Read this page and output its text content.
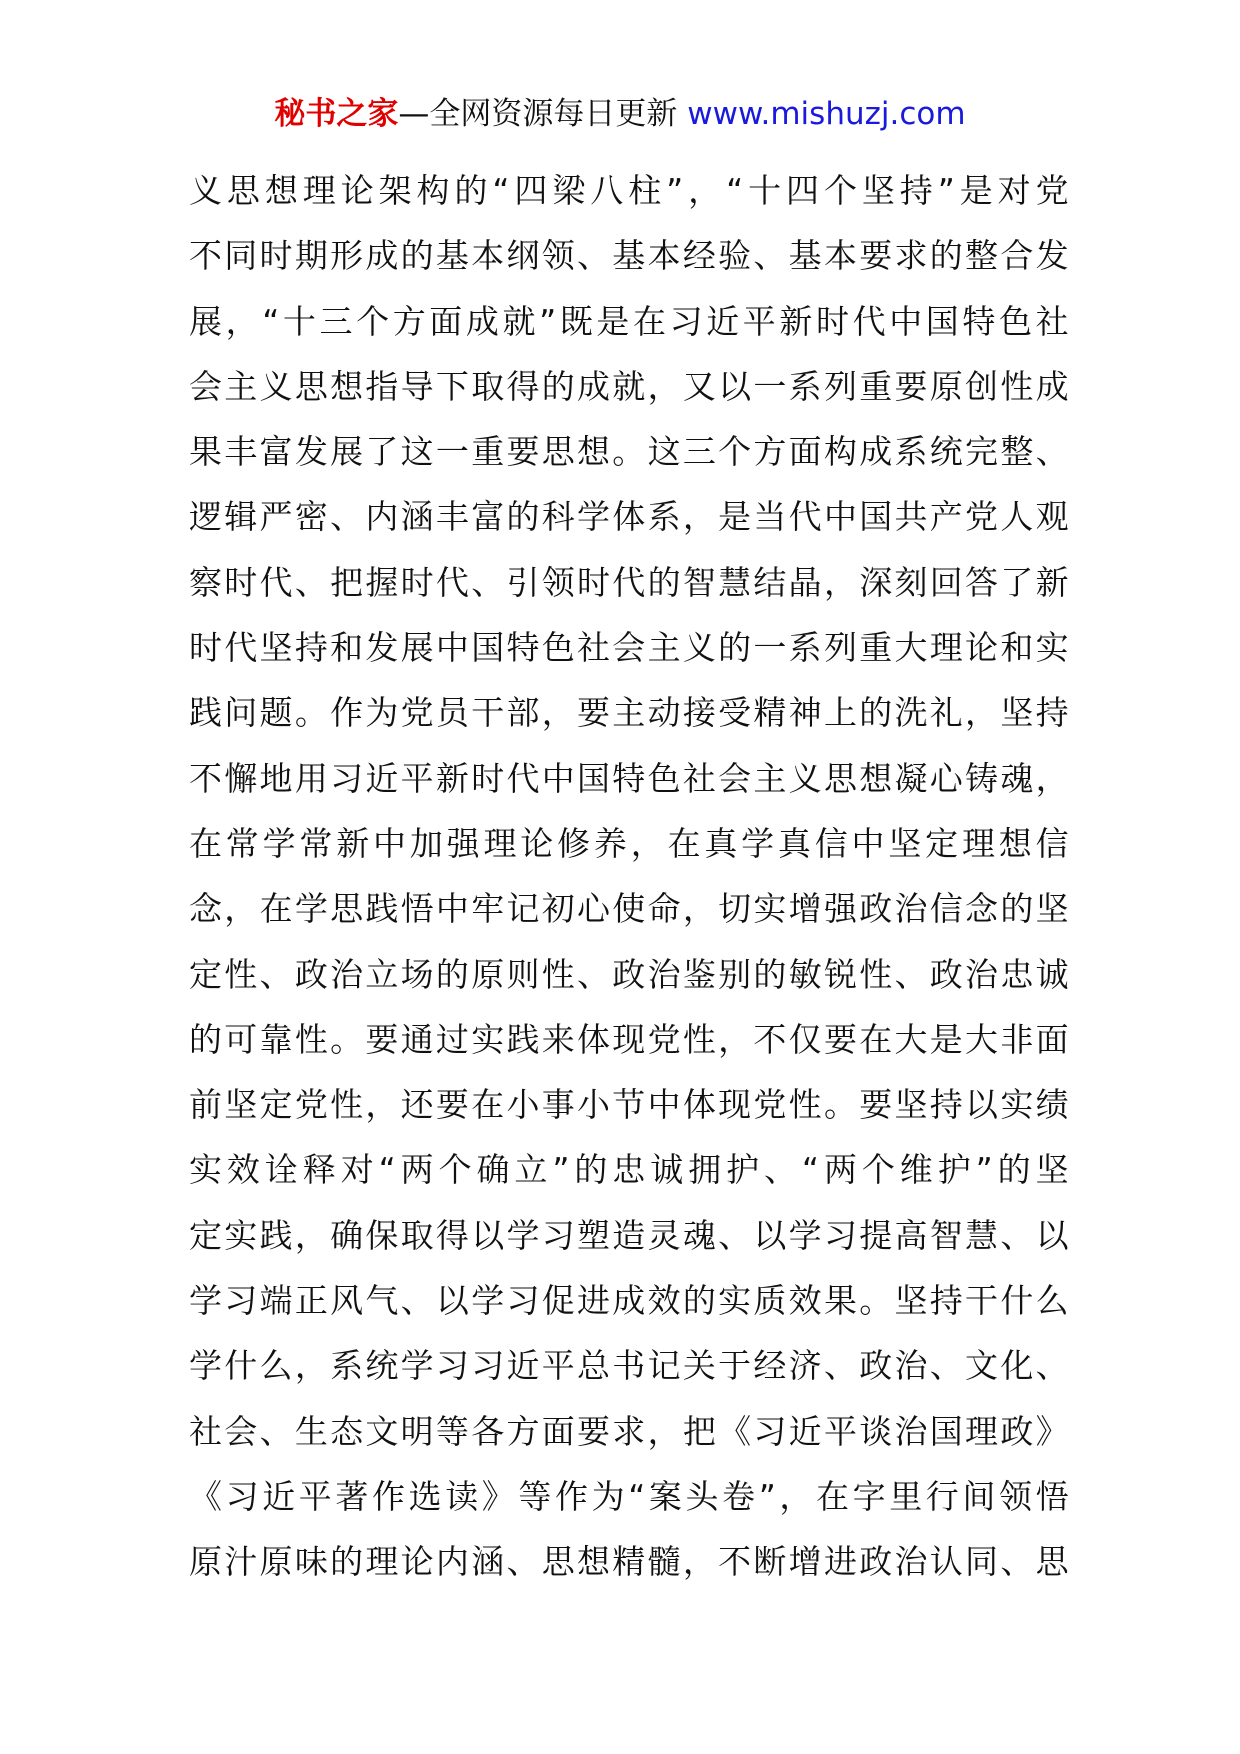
秘书之家—全网资源每日更新 www.mishuzj.com
义思想理论架构的“四梁八柱”，“十四个坚持”是对党
不同时期形成的基本纲领、基本经验、基本要求的整合发
展，“十三个方面成就”既是在习近平新时代中国特色社
会主义思想指导下取得的成就，又以一系列重要原创性成
果丰富发展了这一重要思想。这三个方面构成系统完整、
逻辑严密、内涵丰富的科学体系，是当代中国共产党人观
察时代、把握时代、引领时代的智慧结晶，深刻回答了新
时代坚持和发展中国特色社会主义的一系列重大理论和实
践问题。作为党员干部，要主动接受精神上的洗礼，坚持
不懈地用习近平新时代中国特色社会主义思想凝心铸魂，
在常学常新中加强理论修养，在真学真信中坚定理想信
念，在学思践悟中牢记初心使命，切实增强政治信念的坚
定性、政治立场的原则性、政治鉴别的敏锐性、政治忠诚
的可靠性。要通过实践来体现党性，不仅要在大是大非面
前坚定党性，还要在小事小节中体现党性。要坚持以实绩
实效诠释对“两个确立”的忠诚拥护、“两个维护”的坚
定实践，确保取得以学习塑造灵魂、以学习提高智慧、以
学习端正风气、以学习促进成效的实质效果。坚持干什么
学什么，系统学习习近平总书记关于经济、政治、文化、
社会、生态文明等各方面要求，把《习近平谈治国理政》
《习近平著作选读》等作为“案头卷”，在字里行间领悟
原汁原味的理论内涵、思想精髓，不断增进政治认同、思
